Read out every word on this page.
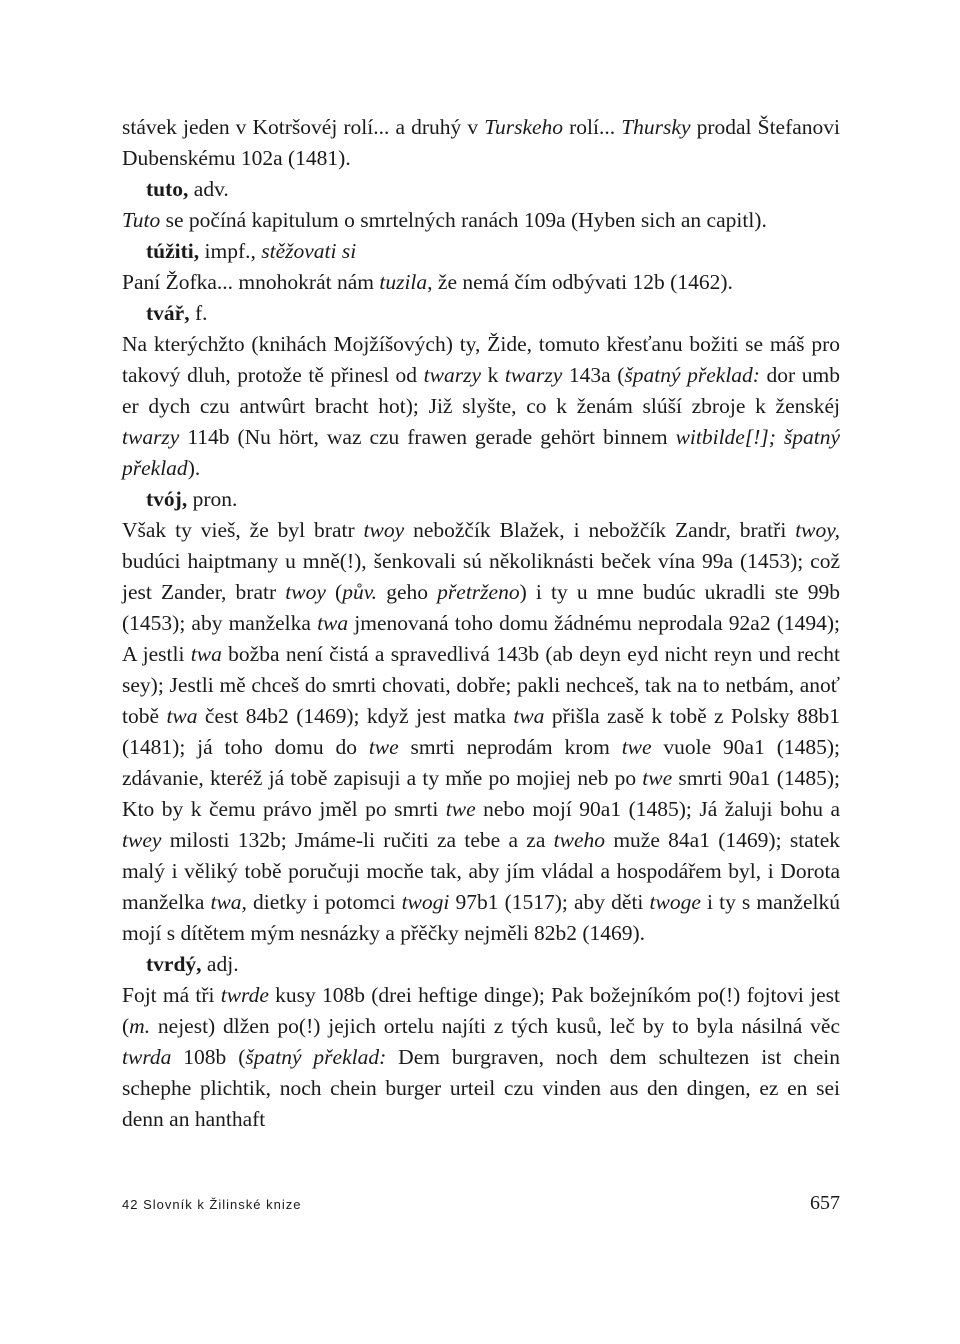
stávek jeden v Kotršovéj rolí... a druhý v Turskeho rolí... Thursky prodal Štefanovi Dubenskému 102a (1481).

tuto, adv.

Tuto se počíná kapitulum o smrtelných ranách 109a (Hyben sich an capitl).

túžiti, impf., stěžovati si

Paní Žofka... mnohokrát nám tuzila, že nemá čím odbývati 12b (1462).

tvář, f.

Na kterýchžto (knihách Mojžíšových) ty, Žide, tomuto křesťanu božiti se máš pro takový dluh, protože tě přinesl od twarzy k twarzy 143a (špatný překlad: dor umb er dych czu antwûrt bracht hot); Již slyšte, co k ženám slúší zbroje k ženskéj twarzy 114b (Nu hört, waz czu frawen gerade gehört binnem witbilde[!]; špatný překlad).

tvój, pron.

Však ty vieš, že byl bratr twoy nebožčík Blažek, i nebožčík Zandr, bratři twoy, budúci haiptmany u mně(!), šenkovali sú několiknásti beček vína 99a (1453); což jest Zander, bratr twoy (pův. geho přetrženo) i ty u mne budúc ukradli ste 99b (1453); aby manželka twa jmenovaná toho domu žádnému neprodala 92a2 (1494); A jestli twa božba není čistá a spravedlivá 143b (ab deyn eyd nicht reyn und recht sey); Jestli mě chceš do smrti chovati, dobře; pakli nechceš, tak na to netbám, anoť tobě twa čest 84b2 (1469); když jest matka twa přišla zasě k tobě z Polsky 88b1 (1481); já toho domu do twe smrti neprodám krom twe vuole 90a1 (1485); zdávanie, kteréž já tobě zapisuji a ty mňe po mojiej neb po twe smrti 90a1 (1485); Kto by k čemu právo jměl po smrti twe nebo mojí 90a1 (1485); Já žaluji bohu a twey milosti 132b; Jmáme-li ručiti za tebe a za tweho muže 84a1 (1469); statek malý i věliký tobě poručuji mocňe tak, aby jím vládal a hospodářem byl, i Dorota manželka twa, dietky i potomci twogi 97b1 (1517); aby děti twoge i ty s manželkú mojí s dítětem mým nesnázky a přěčky nejměli 82b2 (1469).

tvrdý, adj.

Fojt má tři twrde kusy 108b (drei heftige dinge); Pak božejníkóm po(!) fojtovi jest (m. nejest) dlžen po(!) jejich ortelu najíti z tých kusů, leč by to byla násilná věc twrda 108b (špatný překlad: Dem burgraven, noch dem schultezen ist chein schephe plichtik, noch chein burger urteil czu vinden aus den dingen, ez en sei denn an hanthaft

42 Slovník k Žilinské knize	657
